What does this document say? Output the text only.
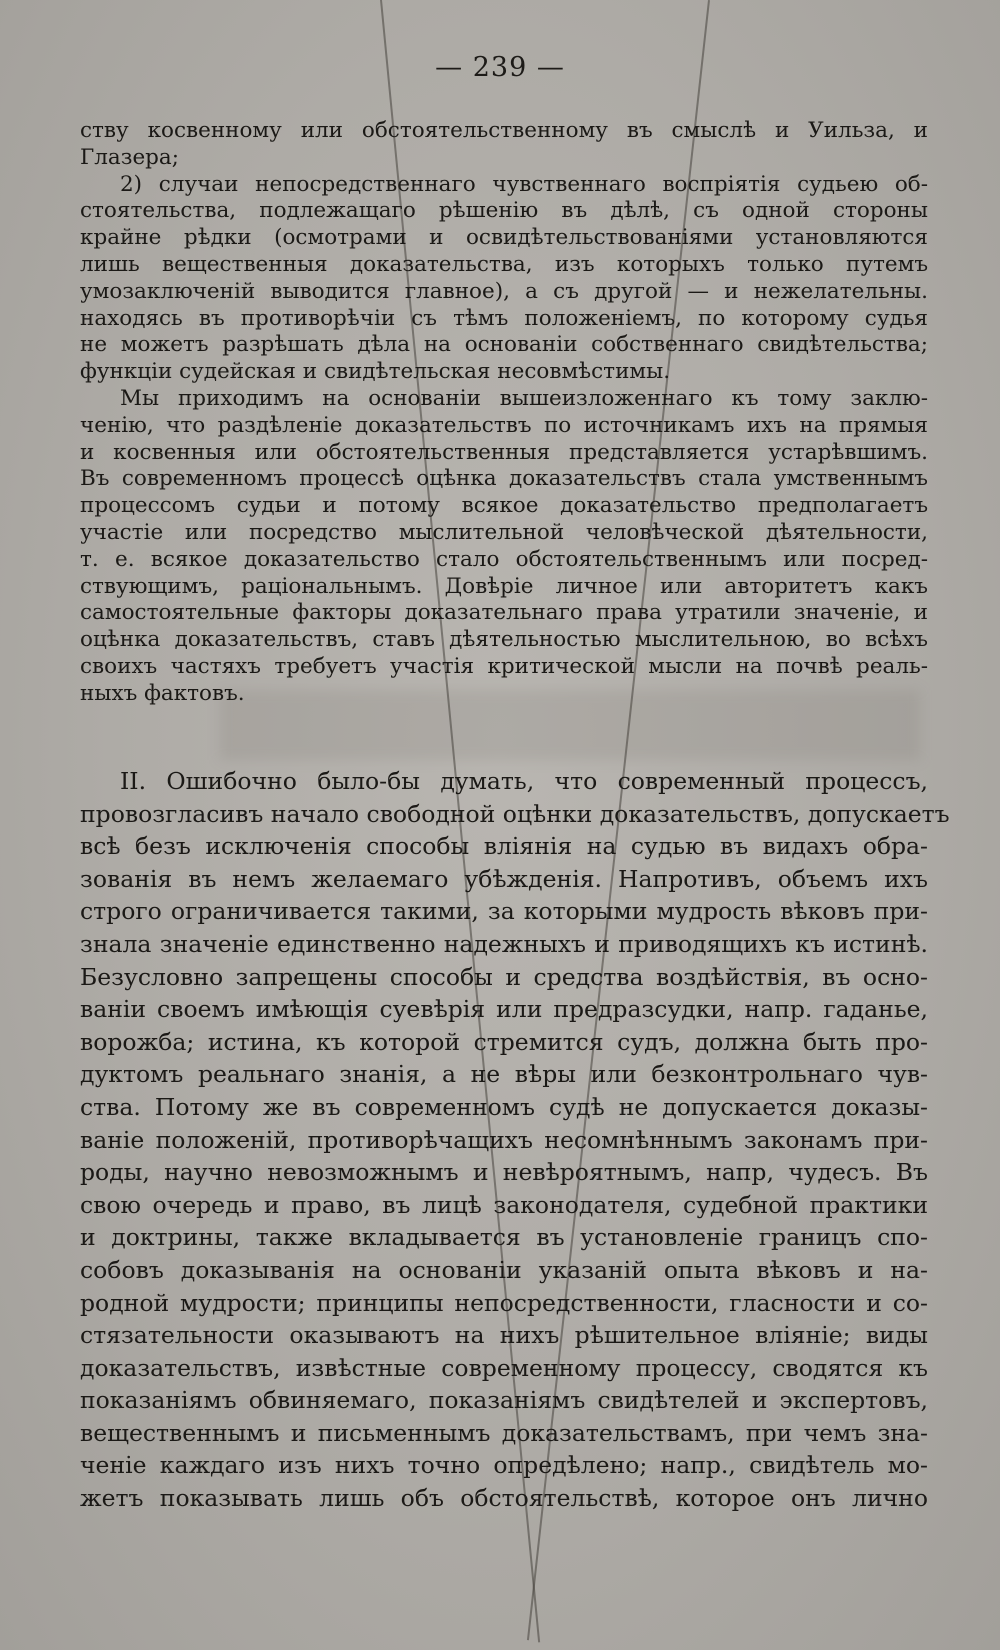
— 239 —
ству косвенному или обстоятельственному въ смыслѣ и Уильза, и
Глазера;
2) случаи непосредственнаго чувственнаго воспріятія судьею об-
стоятельства, подлежащаго рѣшенію въ дѣлѣ, съ одной стороны
крайне рѣдки (осмотрами и освидѣтельствованіями установляются
лишь вещественныя доказательства, изъ которыхъ только путемъ
умозаключеній выводится главное), а съ другой — и нежелательны.
находясь въ противорѣчіи съ тѣмъ положеніемъ, по которому судья
не можетъ разрѣшать дѣла на основаніи собственнаго свидѣтельства;
функціи судейская и свидѣтельская несовмѣстимы.
Мы приходимъ на основаніи вышеизложеннаго къ тому заклю-
ченію, что раздѣленіе доказательствъ по источникамъ ихъ на прямыя
и косвенныя или обстоятельственныя представляется устарѣвшимъ.
Въ современномъ процессѣ оцѣнка доказательствъ стала умственнымъ
процессомъ судьи и потому всякое доказательство предполагаетъ
участіе или посредство мыслительной человѣческой дѣятельности,
т. е. всякое доказательство стало обстоятельственнымъ или посред-
ствующимъ, раціональнымъ. Довѣріе личное или авторитетъ какъ
самостоятельные факторы доказательнаго права утратили значеніе, и
оцѣнка доказательствъ, ставъ дѣятельностью мыслительною, во всѣхъ
своихъ частяхъ требуетъ участія критической мысли на почвѣ реаль-
ныхъ фактовъ.
II. Ошибочно было-бы думать, что современный процессъ,
провозгласивъ начало свободной оцѣнки доказательствъ, допускаетъ
всѣ безъ исключенія способы вліянія на судью въ видахъ обра-
зованія въ немъ желаемаго убѣжденія. Напротивъ, объемъ ихъ
строго ограничивается такими, за которыми мудрость вѣковъ при-
знала значеніе единственно надежныхъ и приводящихъ къ истинѣ.
Безусловно запрещены способы и средства воздѣйствія, въ осно-
ваніи своемъ имѣющія суевѣрія или предразсудки, напр. гаданье,
ворожба; истина, къ которой стремится судъ, должна быть про-
дуктомъ реальнаго знанія, а не вѣры или безконтрольнаго чув-
ства. Потому же въ современномъ судѣ не допускается доказы-
ваніе положеній, противорѣчащихъ несомнѣннымъ законамъ при-
роды, научно невозможнымъ и невѣроятнымъ, напр, чудесъ. Въ
свою очередь и право, въ лицѣ законодателя, судебной практики
и доктрины, также вкладывается въ установленіе границъ спо-
собовъ доказыванія на основаніи указаній опыта вѣковъ и на-
родной мудрости; принципы непосредственности, гласности и со-
стязательности оказываютъ на нихъ рѣшительное вліяніе; виды
доказательствъ, извѣстные современному процессу, сводятся къ
показаніямъ обвиняемаго, показаніямъ свидѣтелей и экспертовъ,
вещественнымъ и письменнымъ доказательствамъ, при чемъ зна-
ченіе каждаго изъ нихъ точно опредѣлено; напр., свидѣтель мо-
жетъ показывать лишь объ обстоятельствѣ, которое онъ лично
